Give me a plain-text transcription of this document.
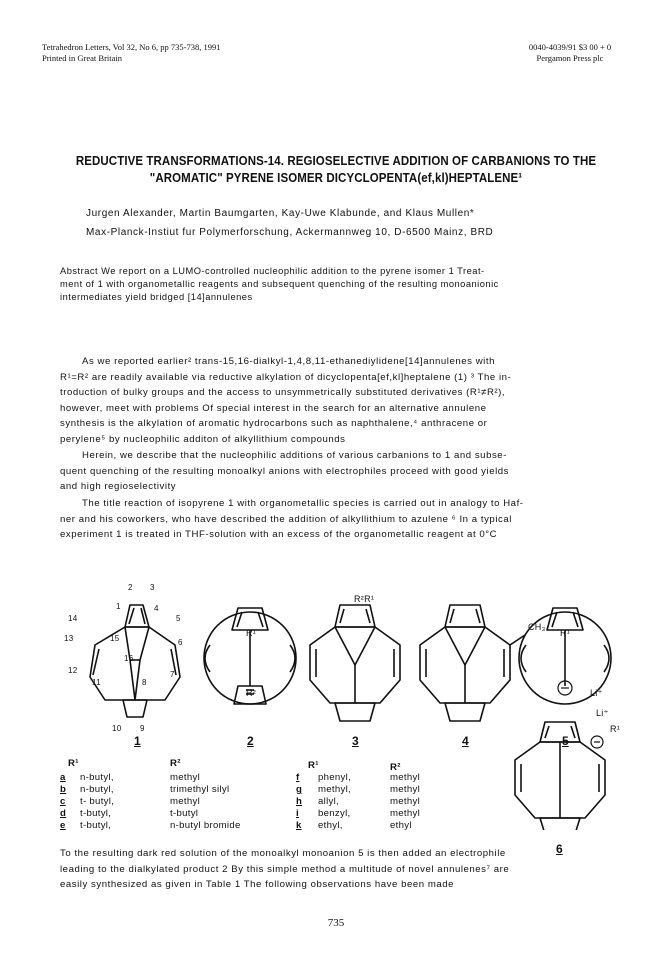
Tetrahedron Letters, Vol 32, No 6, pp 735-738, 1991
Printed in Great Britain
0040-4039/91 $3 00 + 0
Pergamon Press plc
REDUCTIVE TRANSFORMATIONS-14. REGIOSELECTIVE ADDITION OF CARBANIONS TO THE
"AROMATIC" PYRENE ISOMER DICYCLOPENTA(ef,kl)HEPTALENE¹
Jurgen Alexander, Martin Baumgarten, Kay-Uwe Klabunde, and Klaus Mullen*
Max-Planck-Instiut fur Polymerforschung, Ackermannweg 10, D-6500 Mainz, BRD
Abstract We report on a LUMO-controlled nucleophilic addition to the pyrene isomer 1 Treat-
ment of 1 with organometallic reagents and subsequent quenching of the resulting monoanionic
intermediates yield bridged [14]annulenes
As we reported earlier² trans-15,16-dialkyl-1,4,8,11-ethanediylidene[14]annulenes with
R¹=R² are readily available via reductive alkylation of dicyclopenta[ef,kl]heptalene (1) ³ The in-
troduction of bulky groups and the access to unsymmetrically substituted derivatives (R¹≠R²),
however, meet with problems Of special interest in the search for an alternative annulene
synthesis is the alkylation of aromatic hydrocarbons such as naphthalene,⁴ anthracene or
perylene⁵ by nucleophilic additon of alkyllithium compounds
Herein, we describe that the nucleophilic additions of various carbanions to 1 and subse-
quent quenching of the resulting monoalkyl anions with electrophiles proceed with good yields
and high regioselectivity
The title reaction of isopyrene 1 with organometallic species is carried out in analogy to Haf-
ner and his coworkers, who have described the addition of alkyllithium to azulene ⁶ In a typical
experiment 1 is treated in THF-solution with an excess of the organometallic reagent at 0°C
2 3
1	4
5
14
15
16
13	6
12
11	8
7
10 9
R¹
R²
R²R¹
CH₃
R¹
Li⁺
R¹
Li⁺
1	2	3	4	5
6
R¹	R²
a n-butyl,	methyl
b n-butyl,	trimethyl silyl
c t- butyl,	methyl
d t-butyl,	t-butyl
e t-butyl,	n-butyl bromide
R¹	R²
f phenyl,	methyl
g methyl,	methyl
h allyl,	methyl
i benzyl,	methyl
k ethyl,	ethyl
To the resulting dark red solution of the monoalkyl monoanion 5 is then added an electrophile
leading to the dialkylated product 2 By this simple method a multitude of novel annulenes⁷ are
easily synthesized as given in Table 1 The following observations have been made
735
